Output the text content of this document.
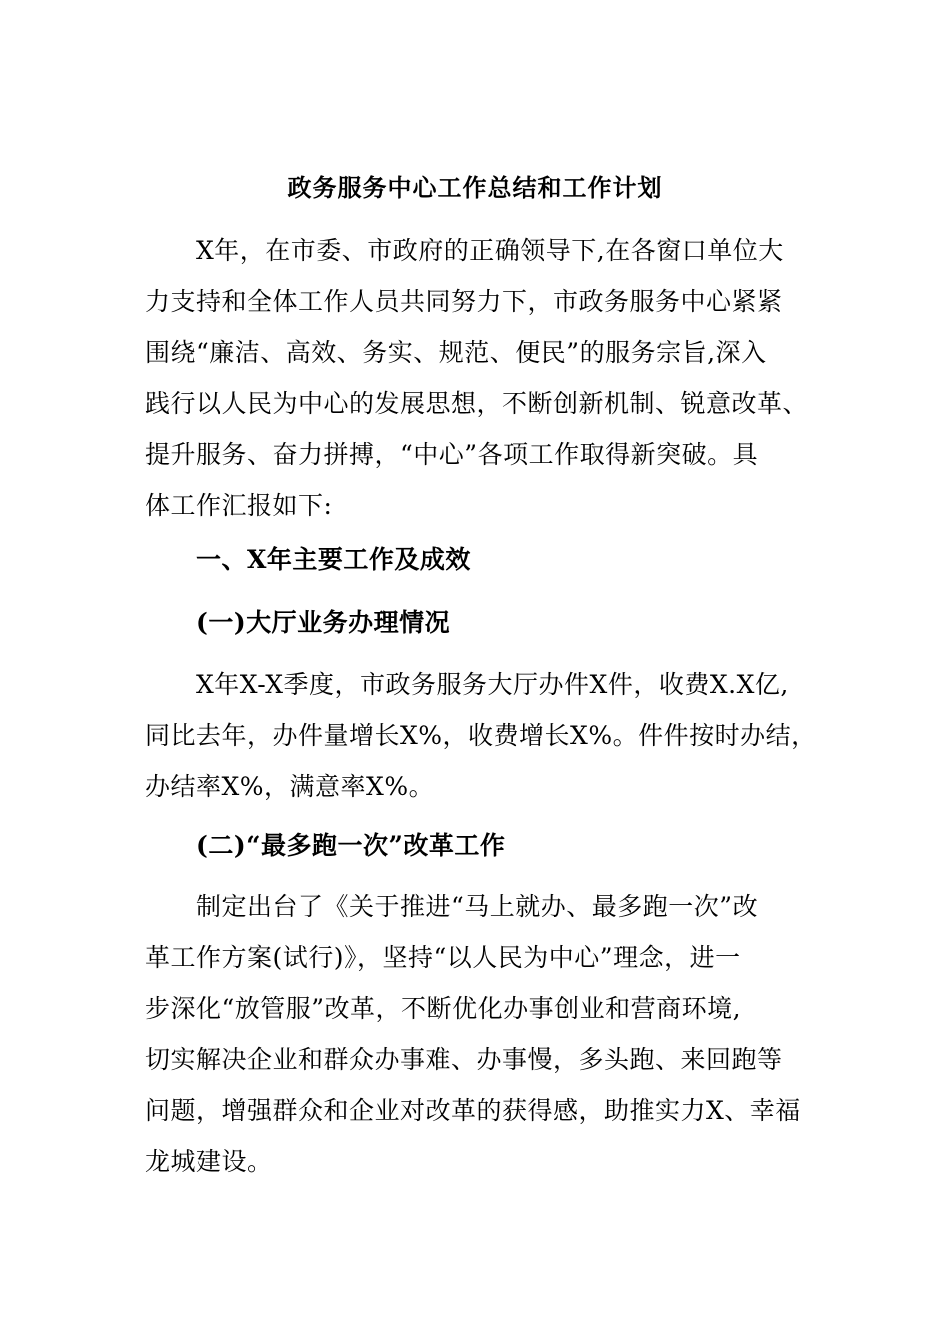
政务服务中心工作总结和工作计划
X年，在市委、市政府的正确领导下,在各窗口单位大
力支持和全体工作人员共同努力下，市政务服务中心紧紧
围绕“廉洁、高效、务实、规范、便民”的服务宗旨,深入
践行以人民为中心的发展思想，不断创新机制、锐意改革、
提升服务、奋力拼搏，“中心”各项工作取得新突破。具
体工作汇报如下:
一、X年主要工作及成效
(一)大厅业务办理情况
X年X-X季度，市政务服务大厅办件X件，收费X.X亿,
同比去年，办件量增长X%，收费增长X%。件件按时办结，
办结率X%，满意率X%。
(二)“最多跑一次”改革工作
制定出台了《关于推进“马上就办、最多跑一次”改
革工作方案(试行)》，坚持“以人民为中心”理念，进一
步深化“放管服”改革，不断优化办事创业和营商环境,
切实解决企业和群众办事难、办事慢，多头跑、来回跑等
问题，增强群众和企业对改革的获得感，助推实力X、幸福
龙城建设。
